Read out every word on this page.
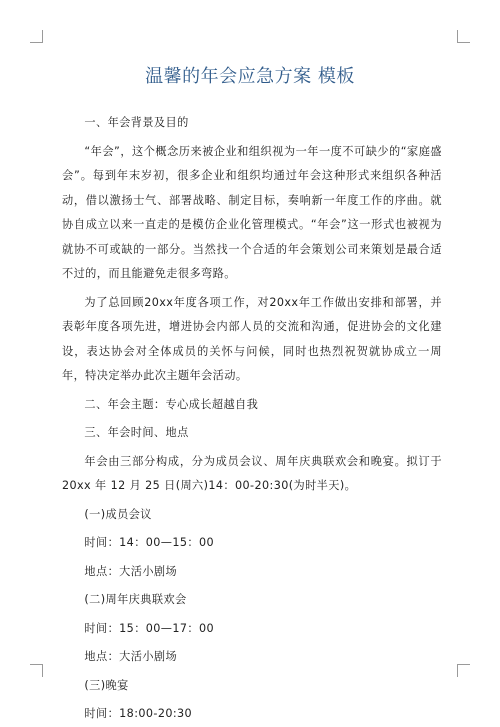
温馨的年会应急方案 模板

一、年会背景及目的

“年会”，这个概念历来被企业和组织视为一年一度不可缺少的“家庭盛会”。每到年末岁初，很多企业和组织均通过年会这种形式来组织各种活动，借以激扬士气、部署战略、制定目标，奏响新一年度工作的序曲。就协自成立以来一直走的是模仿企业化管理模式。“年会”这一形式也被视为就协不可或缺的一部分。当然找一个合适的年会策划公司来策划是最合适不过的，而且能避免走很多弯路。

为了总回顾20xx年度各项工作，对20xx年工作做出安排和部署，并表彰年度各项先进，增进协会内部人员的交流和沟通，促进协会的文化建设，表达协会对全体成员的关怀与问候，同时也热烈祝贺就协成立一周年，特决定举办此次主题年会活动。

二、年会主题：专心成长超越自我

三、年会时间、地点

年会由三部分构成，分为成员会议、周年庆典联欢会和晚宴。拟订于 20xx 年 12 月 25 日(周六)14：00-20:30(为时半天)。

(一)成员会议

时间：14：00—15：00

地点：大活小剧场

(二)周年庆典联欢会

时间：15：00—17：00

地点：大活小剧场

(三)晚宴

时间：18:00-20:30
